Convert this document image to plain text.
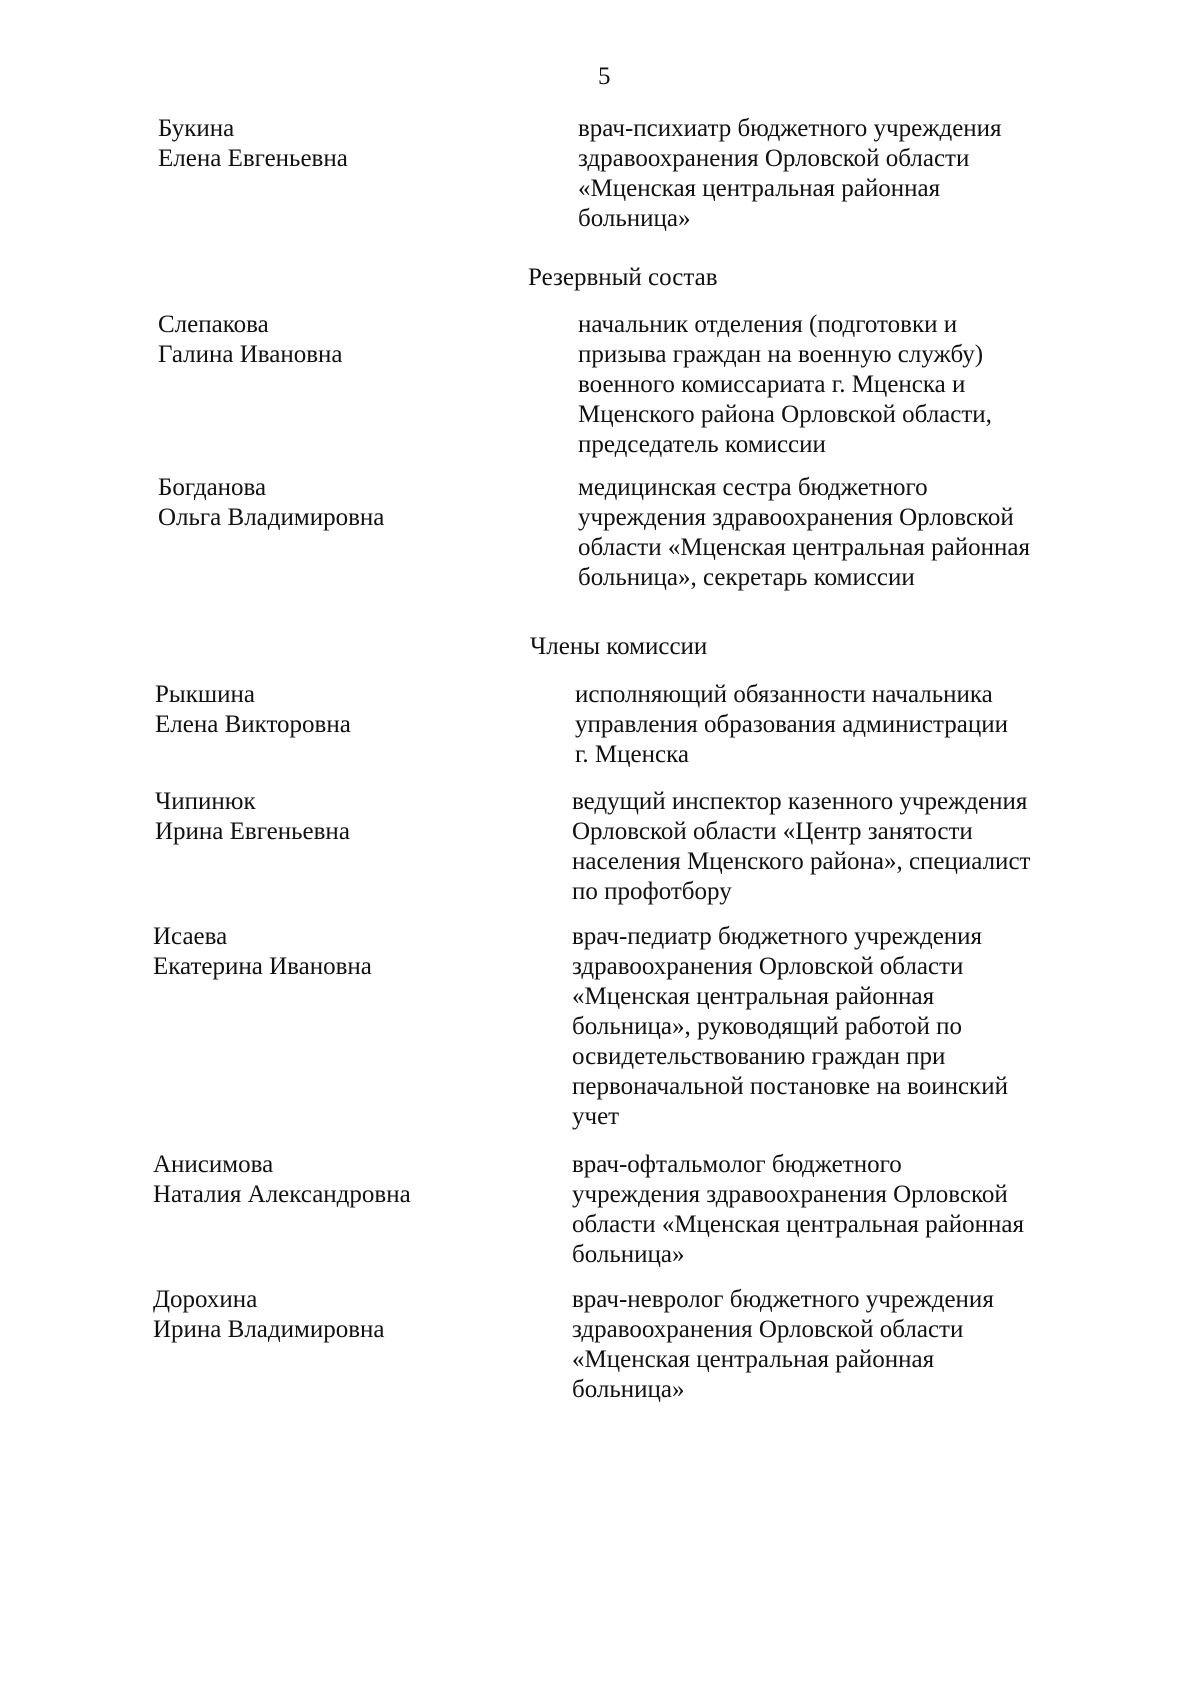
5
Букина
Елена Евгеньевна
врач-психиатр бюджетного учреждения
здравоохранения Орловской области
«Мценская центральная районная
больница»
Резервный состав
Слепакова
Галина Ивановна
начальник отделения (подготовки и
призыва граждан на военную службу)
военного комиссариата г. Мценска и
Мценского района Орловской области,
председатель комиссии
Богданова
Ольга Владимировна
медицинская сестра бюджетного
учреждения здравоохранения Орловской
области «Мценская центральная районная
больница», секретарь комиссии
Члены комиссии
Рыкшина
Елена Викторовна
исполняющий обязанности начальника
управления образования администрации
г. Мценска
Чипинюк
Ирина Евгеньевна
ведущий инспектор казенного учреждения
Орловской области «Центр занятости
населения Мценского района», специалист
по профотбору
Исаева
Екатерина Ивановна
врач-педиатр бюджетного учреждения
здравоохранения Орловской области
«Мценская центральная районная
больница», руководящий работой по
освидетельствованию граждан при
первоначальной постановке на воинский
учет
Анисимова
Наталия Александровна
врач-офтальмолог бюджетного
учреждения здравоохранения Орловской
области «Мценская центральная районная
больница»
Дорохина
Ирина Владимировна
врач-невролог бюджетного учреждения
здравоохранения Орловской области
«Мценская центральная районная
больница»
